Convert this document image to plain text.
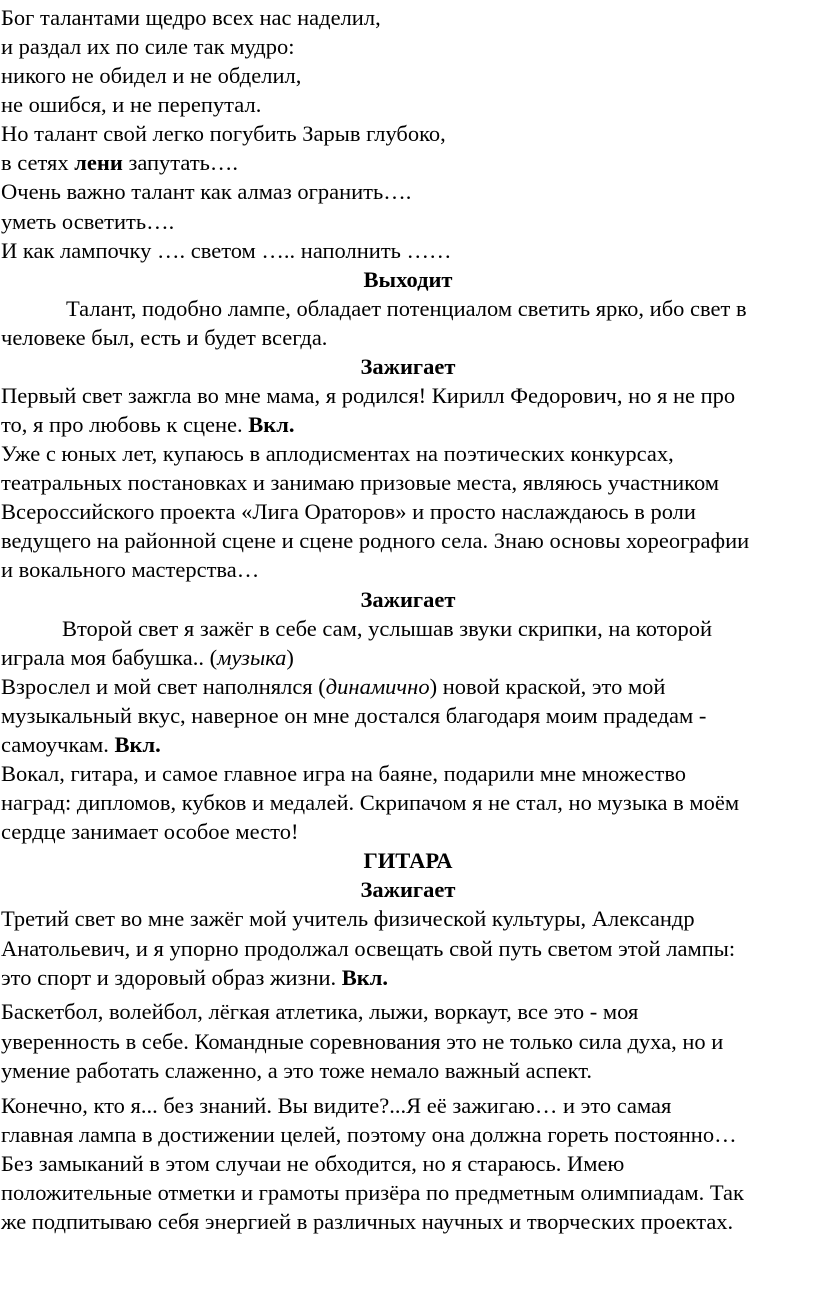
Бог талантами щедро всех нас наделил,

и раздал их по силе так мудро:

никого не обидел и не обделил,

не ошибся, и не перепутал.

Но талант свой легко погубить Зарыв глубоко,

в сетях лени запутать….

Очень важно талант как алмаз огранить….

уметь осветить….

И как лампочку …. светом ….. наполнить ……

Выходит

Талант, подобно лампе, обладает потенциалом светить ярко, ибо свет в

человеке был, есть и будет всегда.

Зажигает

Первый свет зажгла во мне мама, я родился! Кирилл Федорович, но я не про

то, я про любовь к сцене. Вкл.

Уже с юных лет, купаюсь в аплодисментах на поэтических конкурсах,

театральных постановках и занимаю призовые места, являюсь участником

Всероссийского проекта «Лига Ораторов» и просто наслаждаюсь в роли

ведущего на районной сцене и сцене родного села. Знаю основы хореографии

и вокального мастерства…

Зажигает

Второй свет я зажёг в себе сам, услышав звуки скрипки, на которой

играла моя бабушка.. (музыка)

Взрослел и мой свет наполнялся (динамично) новой краской, это мой

музыкальный вкус, наверное он мне достался благодаря моим прадедам -

самоучкам. Вкл.

Вокал, гитара, и самое главное игра на баяне, подарили мне множество

наград: дипломов, кубков и медалей. Скрипачом я не стал, но музыка в моём

сердце занимает особое место!

ГИТАРА

Зажигает

Третий свет во мне зажёг мой учитель физической культуры, Александр

Анатольевич, и я упорно продолжал освещать свой путь светом этой лампы:

это спорт и здоровый образ жизни. Вкл.

Баскетбол, волейбол, лёгкая атлетика, лыжи, воркаут, все это - моя

уверенность в себе. Командные соревнования это не только сила духа, но и

умение работать слаженно, а это тоже немало важный аспект.

Конечно, кто я... без знаний. Вы видите?...Я её зажигаю… и это самая

главная лампа в достижении целей, поэтому она должна гореть постоянно…

Без замыканий в этом случаи не обходится, но я стараюсь. Имею

положительные отметки и грамоты призёра по предметным олимпиадам. Так

же подпитываю себя энергией в различных научных и творческих проектах.
